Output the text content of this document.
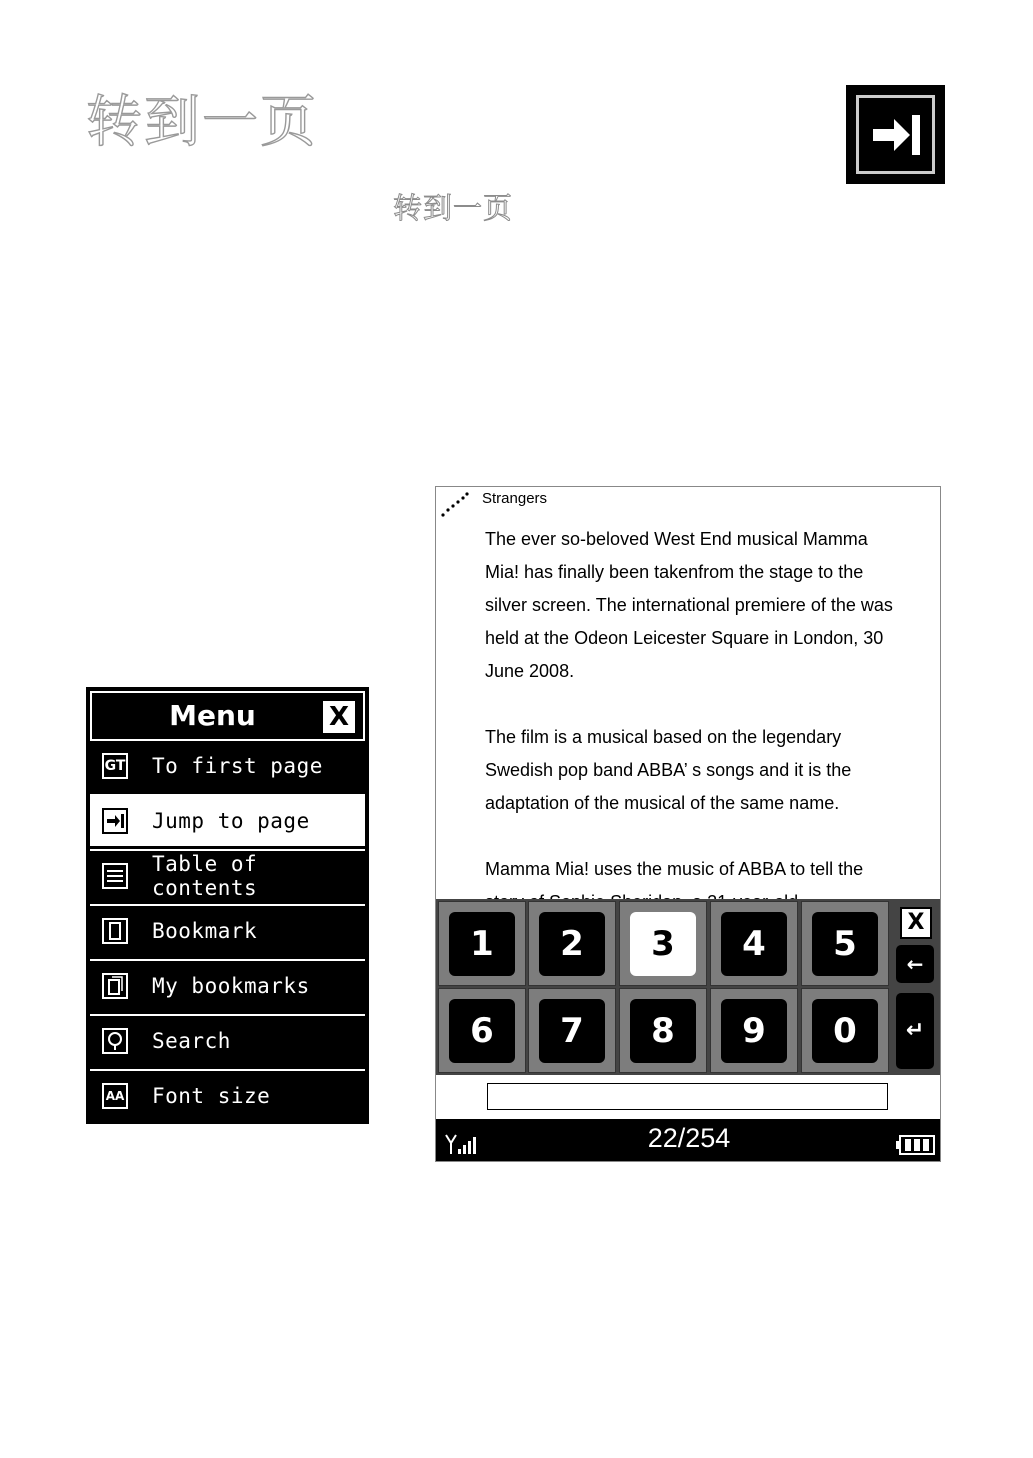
转到一页
转到一页
Menu	X
GT To first page
Jump to page
Table of contents
Bookmark
My bookmarks
Search
AA Font size
Strangers

The ever so-beloved West End musical Mamma Mia! has finally been takenfrom the stage to the silver screen. The international premiere of the was held at the Odeon Leicester Square in London, 30 June 2008.

The film is a musical based on the legendary Swedish pop band ABBA’ s songs and it is the adaptation of the musical of the same name.

Mamma Mia! uses the music of ABBA to tell the

1	2	3	4	5
6	7	8	9	0
X
←
↵
22/254
